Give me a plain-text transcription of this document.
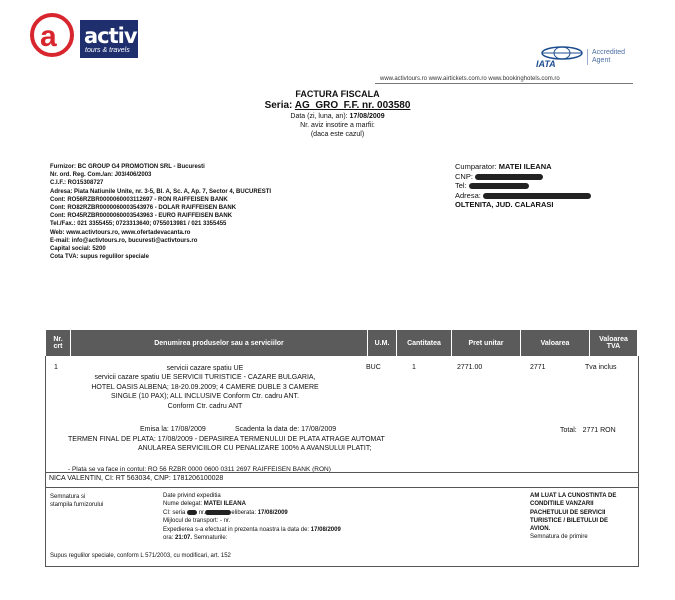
a activ
tours & travels
IATA
Accredited
Agent
www.activtours.ro www.airtickets.com.ro www.bookinghotels.com.ro
FACTURA FISCALA
Seria: AG_GRO_F.F. nr. 003580
Data (zi, luna, an): 17/08/2009
Nr. aviz insotire a marfii:
(daca este cazul)
Furnizor: BC GROUP G4 PROMOTION SRL - Bucuresti
Nr. ord. Reg. Com./an: J03/406/2003
C.I.F.: RO15308727
Adresa: Piata Natiunile Unite, nr. 3-5, Bl. A, Sc. A, Ap. 7, Sector 4, BUCURESTI
Cont: RO56RZBR0000060003112697 - RON RAIFFEISEN BANK
Cont: RO82RZBR0000060003543976 - DOLAR RAIFFEISEN BANK
Cont: RO45RZBR0000060003543963 - EURO RAIFFEISEN BANK
Tel./Fax.: 021 3355455; 0723313640; 0755013981 / 021 3355455
Web: www.activtours.ro, www.ofertadevacanta.ro
E-mail: info@activtours.ro, bucuresti@activtours.ro
Capital social: 5200
Cota TVA: supus regulilor speciale
Cumparator: MATEI ILEANA
CNP:
Tel:
Adresa:
OLTENITA, JUD. CALARASI
Nr. crt	Denumirea produselor sau a serviciilor	U.M.	Cantitatea	Pret unitar	Valoarea	Valoarea TVA
1	servicii cazare spatiu UE
servicii cazare spatiu UE SERVICII TURISTICE - CAZARE BULGARIA,
HOTEL OASIS ALBENA; 18-20.09.2009; 4 CAMERE DUBLE 3 CAMERE
SINGLE (10 PAX); ALL INCLUSIVE Conform Ctr. cadru ANT.
Conform Ctr. cadru ANT
BUC	1	2771.00	2771	Tva inclus
Emisa la: 17/08/2009	Scadenta la data de: 17/08/2009	Total: 2771 RON
TERMEN FINAL DE PLATA: 17/08/2009 - DEPASIREA TERMENULUI DE PLATA ATRAGE AUTOMAT
ANULAREA SERVICIILOR CU PENALIZARE 100% A AVANSULUI PLATIT;
- Plata se va face in contul: RO 56 RZBR 0000 0600 0311 2697 RAIFFEISEN BANK (RON)
NICA VALENTIN, CI: RT 563034, CNP: 1781206100028
Semnatura si
stampila furnizorului
Date privind expeditia
Nume delegat: MATEI ILEANA
CI: seria nr.	eliberata: 17/08/2009
Mijlocul de transport: - nr.
Expedierea s-a efectuat in prezenta noastra la data de: 17/08/2009
ora: 21:07. Semnaturile:
AM LUAT LA CUNOSTINTA DE
CONDITIILE VANZARII
PACHETULUI DE SERVICII
TURISTICE / BILETULUI DE
AVION.
Semnatura de primire
Supus regulilor speciale, conform L 571/2003, cu modificari, art. 152
